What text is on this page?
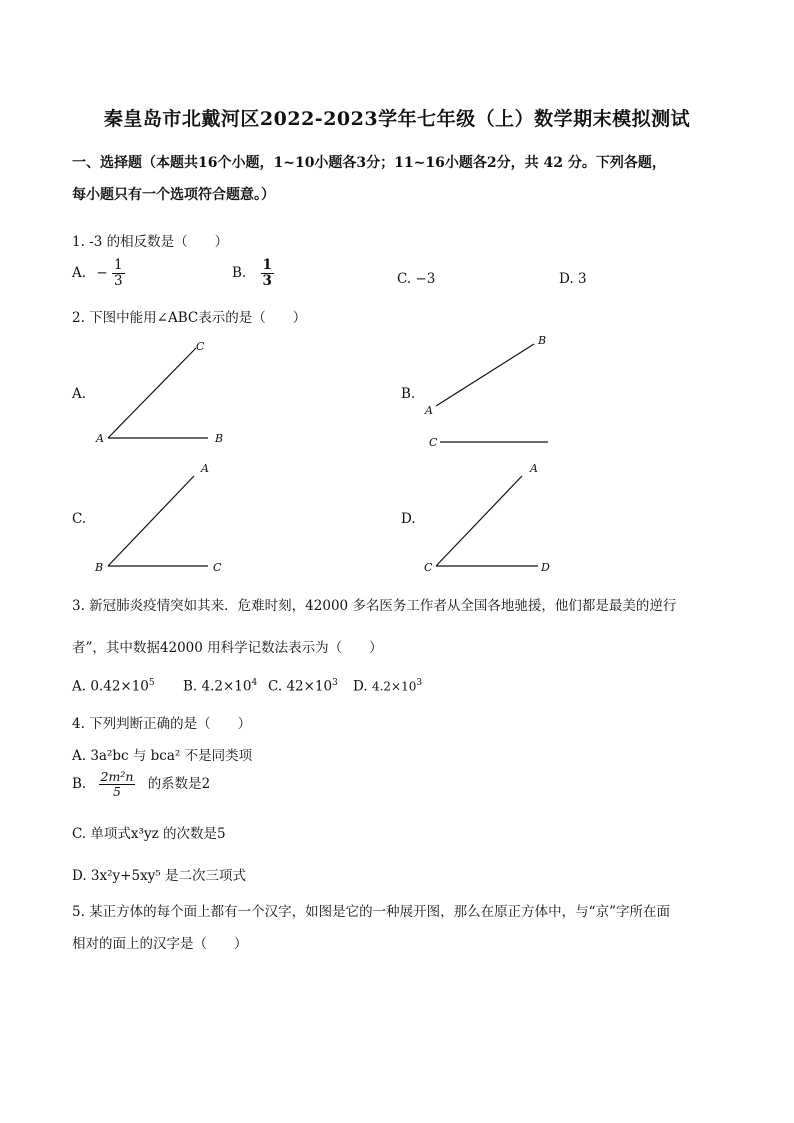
秦皇岛市北戴河区2022-2023学年七年级（上）数学期末模拟测试
一、选择题（本题共16个小题，1~10小题各3分；11~16小题各2分，共 42 分。下列各题，
每小题只有一个选项符合题意。）
1. -3 的相反数是（　　）
A. − $\frac{1}{3}$	B. $\frac{1}{3}$	C. −3	D. 3
2. 下图中能用∠ABC表示的是（　　）
A.
C
A	B
B.
B
A
C
C.
A
B	C
D.
A
C	D
3. 新冠肺炎疫情突如其来．危难时刻，42000 多名医务工作者从全国各地驰援，他们都是最美的逆行
者”，其中数据42000 用科学记数法表示为（　　）
A. $0.42\times 10^5$ B. $4.2\times 10^4$ C. $42\times 10^3$ D. $4.2\times 10^3$
4. 下列判断正确的是（　　）
A. 3a²bc 与 bca² 不是同类项
B. $\frac{\text{2m²n}}{5}$ 的系数是2
C. 单项式x³yz 的次数是5
D. 3x²y+5xy⁵ 是二次三项式
5. 某正方体的每个面上都有一个汉字，如图是它的一种展开图，那么在原正方体中，与“京”字所在面
相对的面上的汉字是（　　）
